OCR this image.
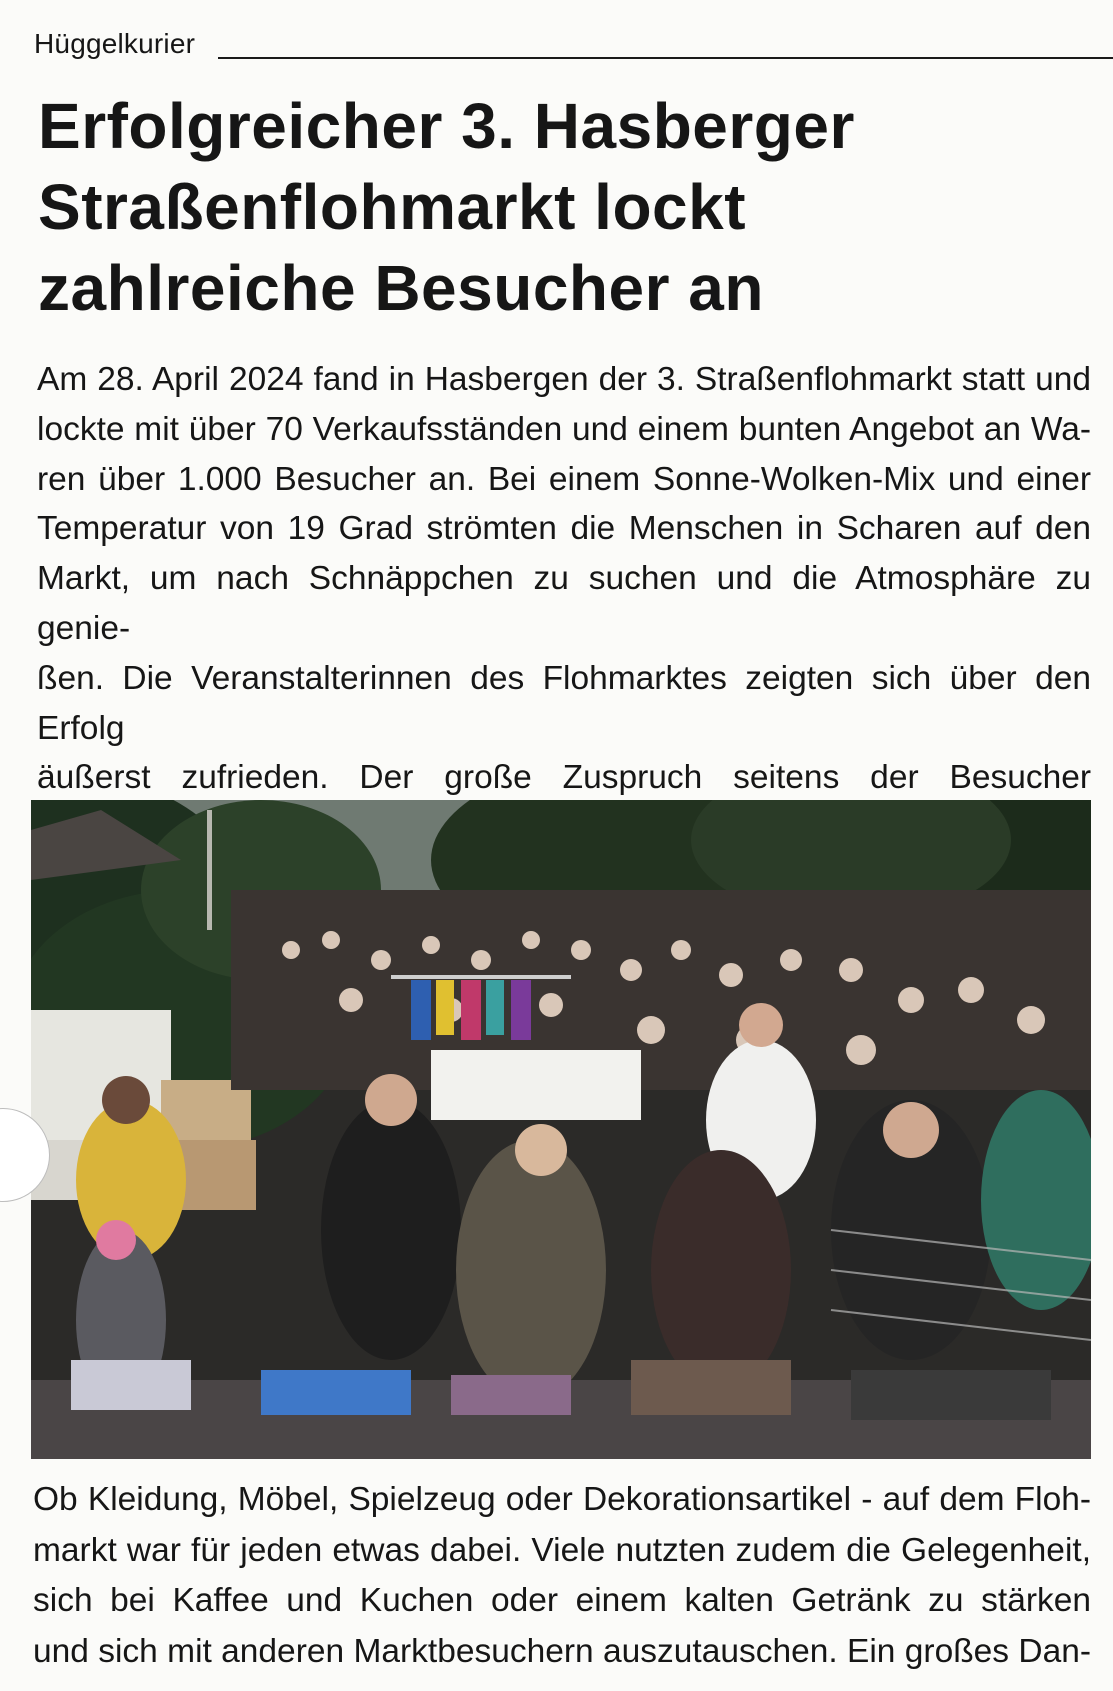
Hüggelkurier
Erfolgreicher 3. Hasberger
Straßenflohmarkt lockt
zahlreiche Besucher an
Am 28. April 2024 fand in Hasbergen der 3. Straßenflohmarkt statt und
lockte mit über 70 Verkaufsständen und einem bunten Angebot an Wa-
ren über 1.000 Besucher an. Bei einem Sonne-Wolken-Mix und einer
Temperatur von 19 Grad strömten die Menschen in Scharen auf den
Markt, um nach Schnäppchen zu suchen und die Atmosphäre zu genie-
ßen. Die Veranstalterinnen des Flohmarktes zeigten sich über den Erfolg
äußerst zufrieden. Der große Zuspruch seitens der Besucher
Ob Kleidung, Möbel, Spielzeug oder Dekorationsartikel - auf dem Floh-
markt war für jeden etwas dabei. Viele nutzten zudem die Gelegenheit,
sich bei Kaffee und Kuchen oder einem kalten Getränk zu stärken
und sich mit anderen Marktbesuchern auszutauschen. Ein großes Dan-
